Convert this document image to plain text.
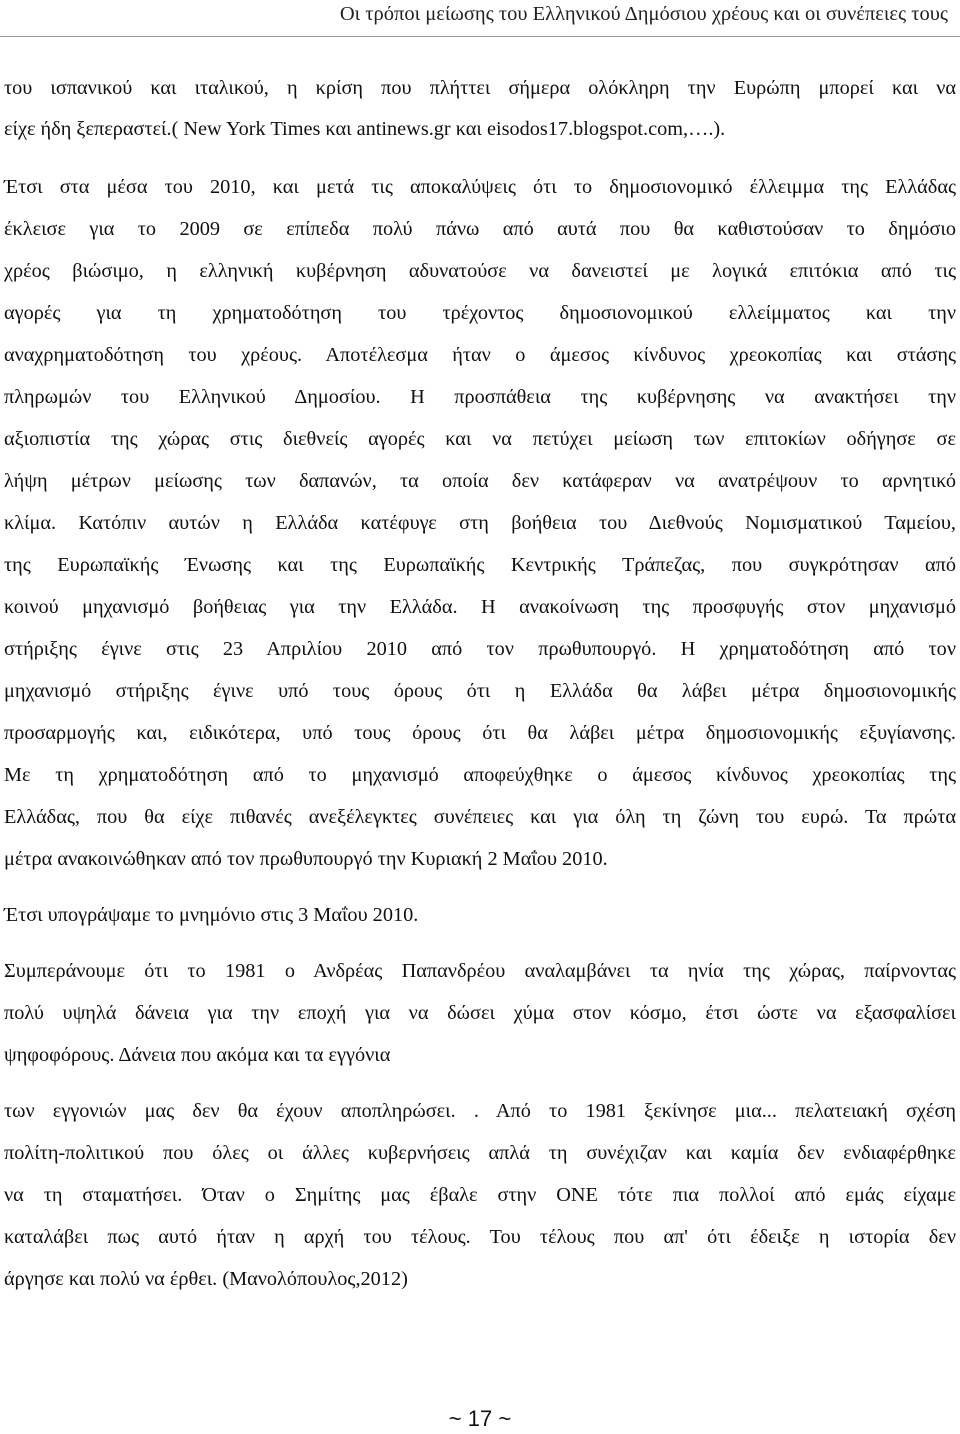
Οι τρόποι μείωσης του Ελληνικού Δημόσιου χρέους και οι συνέπειες τους
του ισπανικού και ιταλικού, η κρίση που πλήττει σήμερα ολόκληρη την Ευρώπη μπορεί και να
είχε ήδη ξεπεραστεί.( New York Times και antinews.gr και eisodos17.blogspot.com,….).
Έτσι στα μέσα του 2010, και μετά τις αποκαλύψεις ότι το δημοσιονομικό έλλειμμα της Ελλάδας
έκλεισε για το 2009 σε επίπεδα πολύ πάνω από αυτά που θα καθιστούσαν το δημόσιο
χρέος βιώσιμο, η ελληνική κυβέρνηση αδυνατούσε να δανειστεί με λογικά επιτόκια από τις
αγορές για τη χρηματοδότηση του τρέχοντος δημοσιονομικού ελλείμματος και την
αναχρηματοδότηση του χρέους. Αποτέλεσμα ήταν ο άμεσος κίνδυνος χρεοκοπίας και στάσης
πληρωμών του Ελληνικού Δημοσίου. Η προσπάθεια της κυβέρνησης να ανακτήσει την
αξιοπιστία της χώρας στις διεθνείς αγορές και να πετύχει μείωση των επιτοκίων οδήγησε σε
λήψη μέτρων μείωσης των δαπανών, τα οποία δεν κατάφεραν να ανατρέψουν το αρνητικό
κλίμα. Κατόπιν αυτών η Ελλάδα κατέφυγε στη βοήθεια του Διεθνούς Νομισματικού Ταμείου,
της Ευρωπαϊκής Ένωσης και της Ευρωπαϊκής Κεντρικής Τράπεζας, που συγκρότησαν από
κοινού μηχανισμό βοήθειας για την Ελλάδα. Η ανακοίνωση της προσφυγής στον μηχανισμό
στήριξης έγινε στις 23 Απριλίου 2010 από τον πρωθυπουργό. Η χρηματοδότηση από τον
μηχανισμό στήριξης έγινε υπό τους όρους ότι η Ελλάδα θα λάβει μέτρα δημοσιονομικής
προσαρμογής και, ειδικότερα, υπό τους όρους ότι θα λάβει μέτρα δημοσιονομικής εξυγίανσης.
Με τη χρηματοδότηση από το μηχανισμό αποφεύχθηκε ο άμεσος κίνδυνος χρεοκοπίας της
Ελλάδας, που θα είχε πιθανές ανεξέλεγκτες συνέπειες και για όλη τη ζώνη του ευρώ. Τα πρώτα
μέτρα ανακοινώθηκαν από τον πρωθυπουργό την Κυριακή 2 Μαΐου 2010.
Έτσι υπογράψαμε το μνημόνιο στις 3 Μαΐου 2010.
Συμπεράνουμε ότι το 1981 ο Ανδρέας Παπανδρέου αναλαμβάνει τα ηνία της χώρας, παίρνοντας
πολύ υψηλά δάνεια για την εποχή για να δώσει χύμα στον κόσμο, έτσι ώστε να εξασφαλίσει
ψηφοφόρους. Δάνεια που ακόμα και τα εγγόνια
των εγγονιών μας δεν θα έχουν αποπληρώσει. . Από το 1981 ξεκίνησε μια... πελατειακή σχέση
πολίτη-πολιτικού που όλες οι άλλες κυβερνήσεις απλά τη συνέχιζαν και καμία δεν ενδιαφέρθηκε
να τη σταματήσει. Όταν ο Σημίτης μας έβαλε στην ΟΝΕ τότε πια πολλοί από εμάς είχαμε
καταλάβει πως αυτό ήταν η αρχή του τέλους. Του τέλους που απ' ότι έδειξε η ιστορία δεν
άργησε και πολύ να έρθει. (Μανολόπουλος,2012)
~ 17 ~
